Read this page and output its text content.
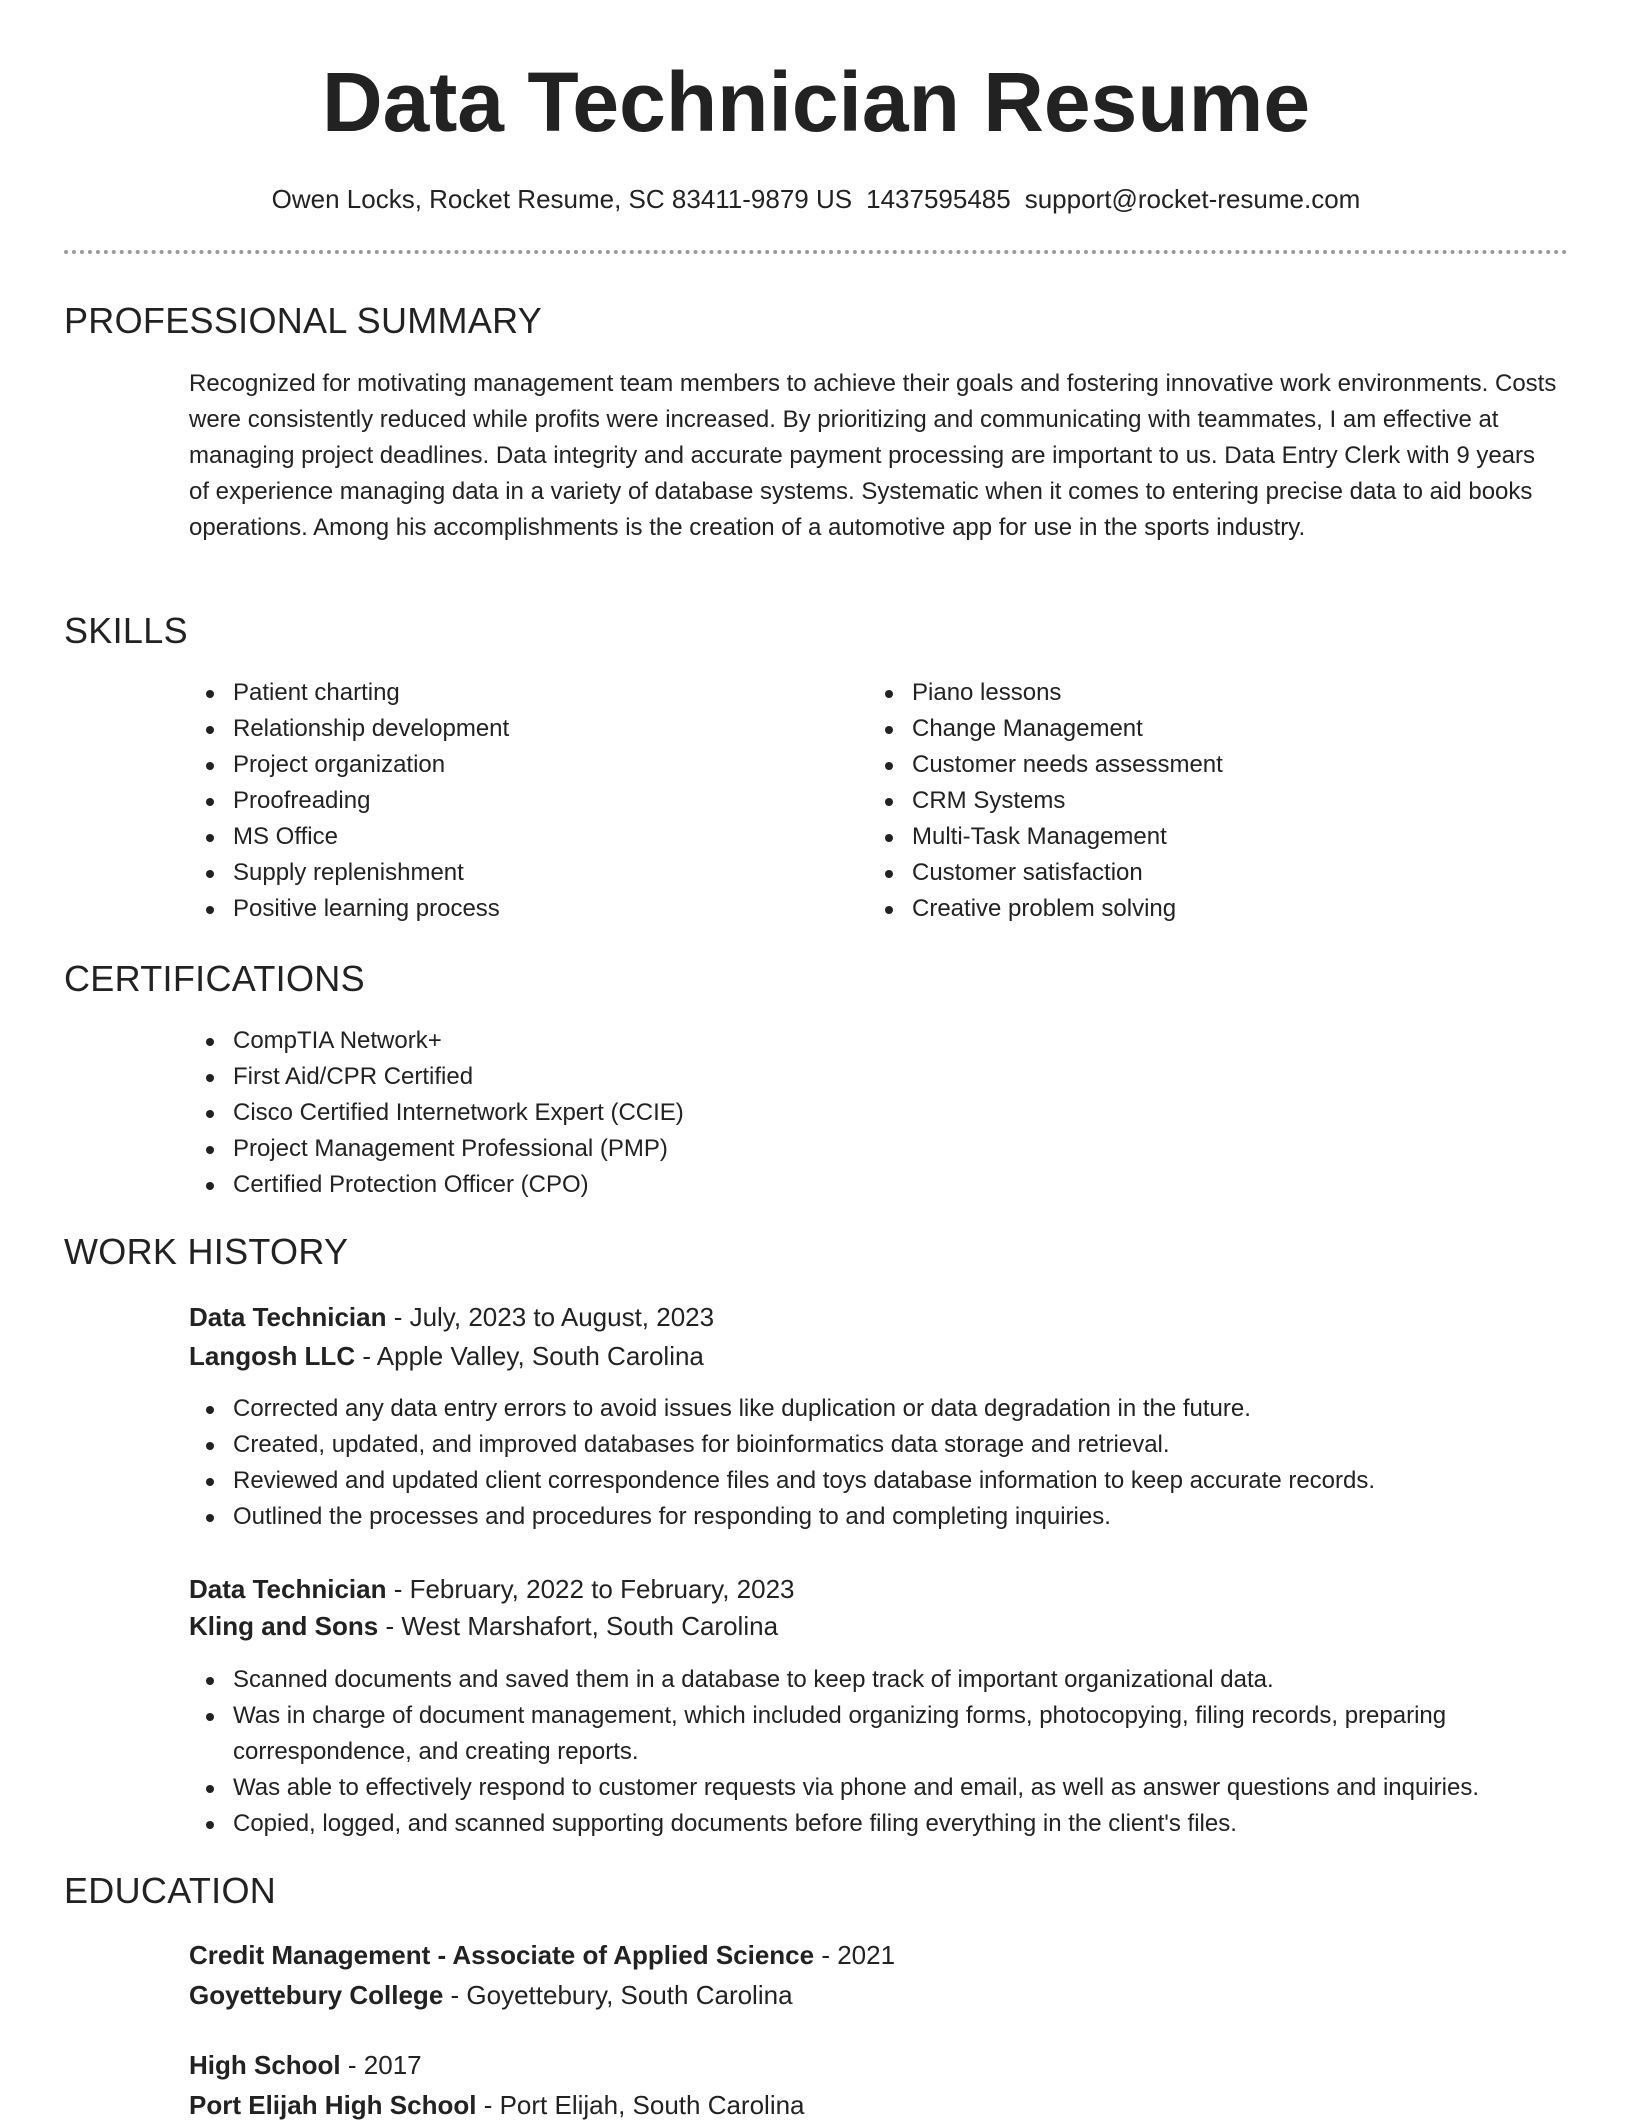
Data Technician Resume
Owen Locks, Rocket Resume, SC 83411-9879 US 1437595485 support@rocket-resume.com
PROFESSIONAL SUMMARY

Recognized for motivating management team members to achieve their goals and fostering innovative work environments. Costs were consistently reduced while profits were increased. By prioritizing and communicating with teammates, I am effective at managing project deadlines. Data integrity and accurate payment processing are important to us. Data Entry Clerk with 9 years of experience managing data in a variety of database systems. Systematic when it comes to entering precise data to aid books operations. Among his accomplishments is the creation of a automotive app for use in the sports industry.

SKILLS
Patient charting
Relationship development
Project organization
Proofreading
MS Office
Supply replenishment
Positive learning process
Piano lessons
Change Management
Customer needs assessment
CRM Systems
Multi-Task Management
Customer satisfaction
Creative problem solving
CERTIFICATIONS
CompTIA Network+
First Aid/CPR Certified
Cisco Certified Internetwork Expert (CCIE)
Project Management Professional (PMP)
Certified Protection Officer (CPO)
WORK HISTORY
Data Technician - July, 2023 to August, 2023
Langosh LLC - Apple Valley, South Carolina
Corrected any data entry errors to avoid issues like duplication or data degradation in the future.
Created, updated, and improved databases for bioinformatics data storage and retrieval.
Reviewed and updated client correspondence files and toys database information to keep accurate records.
Outlined the processes and procedures for responding to and completing inquiries.
Data Technician - February, 2022 to February, 2023
Kling and Sons - West Marshafort, South Carolina
Scanned documents and saved them in a database to keep track of important organizational data.
Was in charge of document management, which included organizing forms, photocopying, filing records, preparing correspondence, and creating reports.
Was able to effectively respond to customer requests via phone and email, as well as answer questions and inquiries.
Copied, logged, and scanned supporting documents before filing everything in the client's files.
EDUCATION
Credit Management - Associate of Applied Science - 2021
Goyettebury College - Goyettebury, South Carolina
High School - 2017
Port Elijah High School - Port Elijah, South Carolina
